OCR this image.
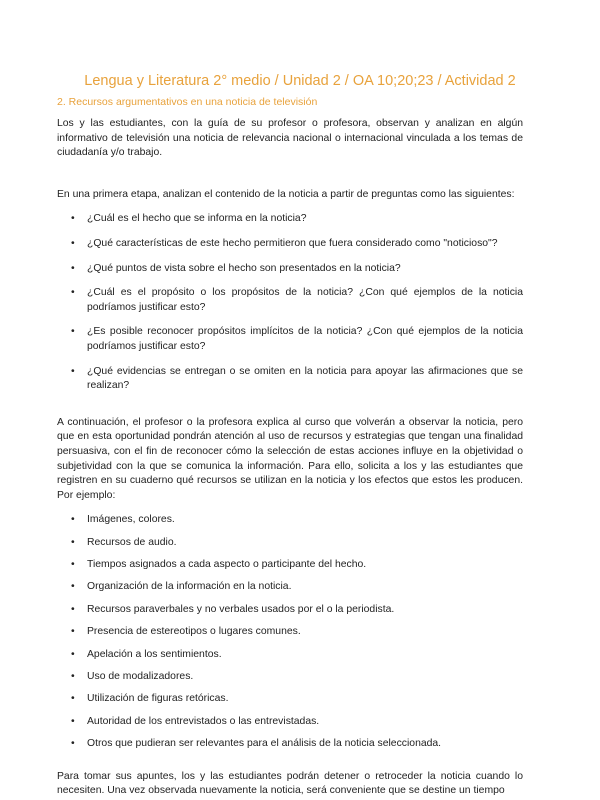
Lengua y Literatura 2° medio / Unidad 2 / OA 10;20;23 / Actividad 2
2. Recursos argumentativos en una noticia de televisión

Los y las estudiantes, con la guía de su profesor o profesora, observan y analizan en algún informativo de televisión una noticia de relevancia nacional o internacional vinculada a los temas de ciudadanía y/o trabajo.

En una primera etapa, analizan el contenido de la noticia a partir de preguntas como las siguientes:

• ¿Cuál es el hecho que se informa en la noticia?
• ¿Qué características de este hecho permitieron que fuera considerado como "noticioso"?
• ¿Qué puntos de vista sobre el hecho son presentados en la noticia?
• ¿Cuál es el propósito o los propósitos de la noticia? ¿Con qué ejemplos de la noticia podríamos justificar esto?
• ¿Es posible reconocer propósitos implícitos de la noticia? ¿Con qué ejemplos de la noticia podríamos justificar esto?
• ¿Qué evidencias se entregan o se omiten en la noticia para apoyar las afirmaciones que se realizan?

A continuación, el profesor o la profesora explica al curso que volverán a observar la noticia, pero que en esta oportunidad pondrán atención al uso de recursos y estrategias que tengan una finalidad persuasiva, con el fin de reconocer cómo la selección de estas acciones influye en la objetividad o subjetividad con la que se comunica la información. Para ello, solicita a los y las estudiantes que registren en su cuaderno qué recursos se utilizan en la noticia y los efectos que estos les producen. Por ejemplo:

• Imágenes, colores.
• Recursos de audio.
• Tiempos asignados a cada aspecto o participante del hecho.
• Organización de la información en la noticia.
• Recursos paraverbales y no verbales usados por el o la periodista.
• Presencia de estereotipos o lugares comunes.
• Apelación a los sentimientos.
• Uso de modalizadores.
• Utilización de figuras retóricas.
• Autoridad de los entrevistados o las entrevistadas.
• Otros que pudieran ser relevantes para el análisis de la noticia seleccionada.

Para tomar sus apuntes, los y las estudiantes podrán detener o retroceder la noticia cuando lo necesiten. Una vez observada nuevamente la noticia, será conveniente que se destine un tiempo
